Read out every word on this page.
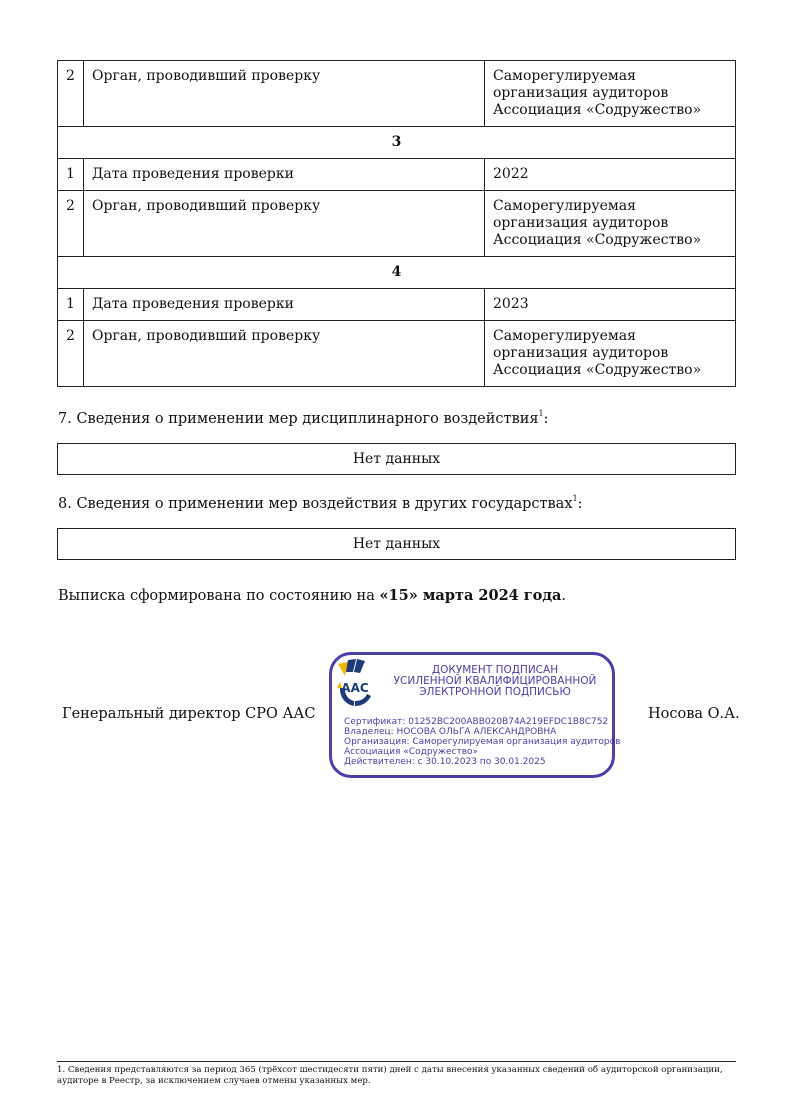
2	Орган, проводивший проверку	Саморегулируемая организация аудиторов Ассоциация «Содружество»
3		
1	Дата проведения проверки	2022
2	Орган, проводивший проверку	Саморегулируемая организация аудиторов Ассоциация «Содружество»
4		
1	Дата проведения проверки	2023
2	Орган, проводивший проверку	Саморегулируемая организация аудиторов Ассоциация «Содружество»
7. Сведения о применении мер дисциплинарного воздействия$^1$:
Нет данных
8. Сведения о применении мер воздействия в других государствах$^1$:
Нет данных
Выписка сформирована по состоянию на «15» марта 2024 года.
Генеральный директор СРО ААС	Носова О.А.
AAC
ДОКУМЕНТ ПОДПИСАН
УСИЛЕННОЙ КВАЛИФИЦИРОВАННОЙ
ЭЛЕКТРОННОЙ ПОДПИСЬЮ
Сертификат: 01252BC200ABB020B74A219EFDC1B8C752
Владелец: НОСОВА ОЛЬГА АЛЕКСАНДРОВНА
Организация: Саморегулируемая организация аудиторов
Ассоциация «Содружество»
Действителен: с 30.10.2023 по 30.01.2025
1. Сведения представляются за период 365 (трёхсот шестидесяти пяти) дней с даты внесения указанных сведений об аудиторской организации, аудиторе в Реестр, за исключением случаев отмены указанных мер.
